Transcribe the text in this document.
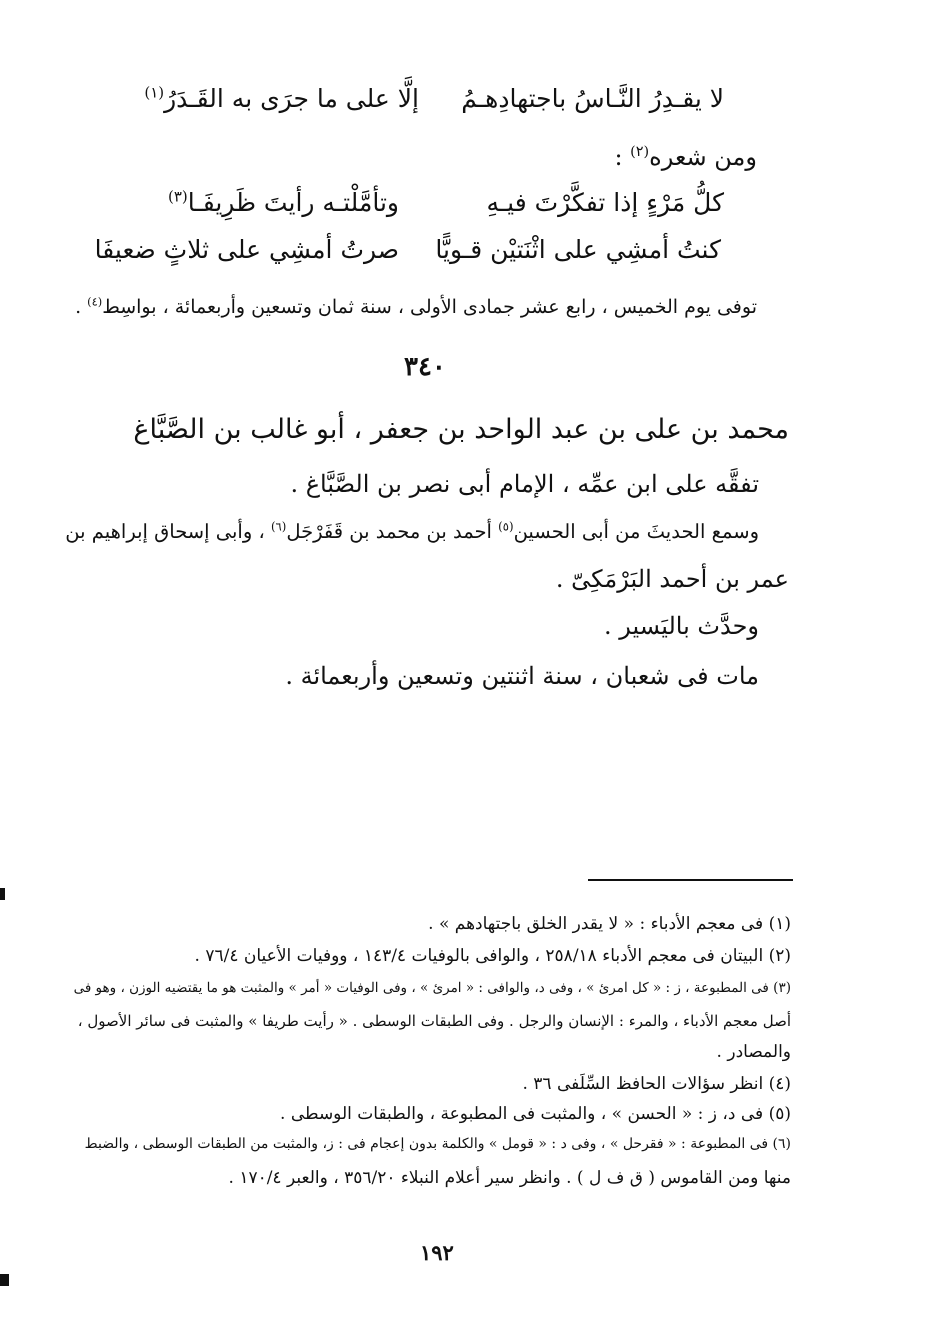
لا يقـدِرُ النَّـاسُ باجتهادِهـمُ
إلَّا على ما جرَى به القَـدَرُ$^{(١)}$
ومن شعره$^{(٢)}$ :
كلُّ مَرْءٍ إذا تفكَّرْتَ فيـهِ
وتأمَّلْتـه رأيتَ ظَرِيفَـا$^{(٣)}$
كنتُ أمشِي على اثْنَتيْن قـويًّا
صرتُ أمشِي على ثلاثٍ ضعيفَا
توفى يوم الخميس ، رابع عشر جمادى الأولى ، سنة ثمان وتسعين وأربعمائة ، بواسِط$^{(٤)}$ .
٣٤٠
محمد بن على بن عبد الواحد بن جعفر ، أبو غالب بن الصَّبَّاغ
تفقَّه على ابن عمِّه ، الإمام أبى نصر بن الصَّبَّاغ .
وسمع الحديثَ من أبى الحسين$^{(٥)}$ أحمد بن محمد بن قَفَرْجَل$^{(٦)}$ ، وأبى إسحاق إبراهيم بن
عمر بن أحمد البَرْمَكِىّ .
وحدَّث باليَسير .
مات فى شعبان ، سنة اثنتين وتسعين وأربعمائة .
(١) فى معجم الأدباء : « لا يقدر الخلق باجتهادهم » .
(٢) البيتان فى معجم الأدباء ٢٥٨/١٨ ، والوافى بالوفيات ١٤٣/٤ ، ووفيات الأعيان ٧٦/٤ .
(٣) فى المطبوعة ، ز : « كل امرئ » ، وفى د، والوافى : « امرئ » ، وفى الوفيات « أمر » والمثبت هو ما يقتضيه الوزن ، وهو فى
أصل معجم الأدباء ، والمرء : الإنسان والرجل . وفى الطبقات الوسطى . « رأيت طريفا » والمثبت فى سائر الأصول ،
والمصادر .
(٤) انظر سؤالات الحافظ السِّلَفى ٣٦ .
(٥) فى د، ز : « الحسن » ، والمثبت فى المطبوعة ، والطبقات الوسطى .
(٦) فى المطبوعة : « فقرحل » ، وفى د : « قومل » والكلمة بدون إعجام فى : ز، والمثبت من الطبقات الوسطى ، والضبط
منها ومن القاموس ( ق ف ل ) . وانظر سير أعلام النبلاء ٣٥٦/٢٠ ، والعبر ١٧٠/٤ .
١٩٢
